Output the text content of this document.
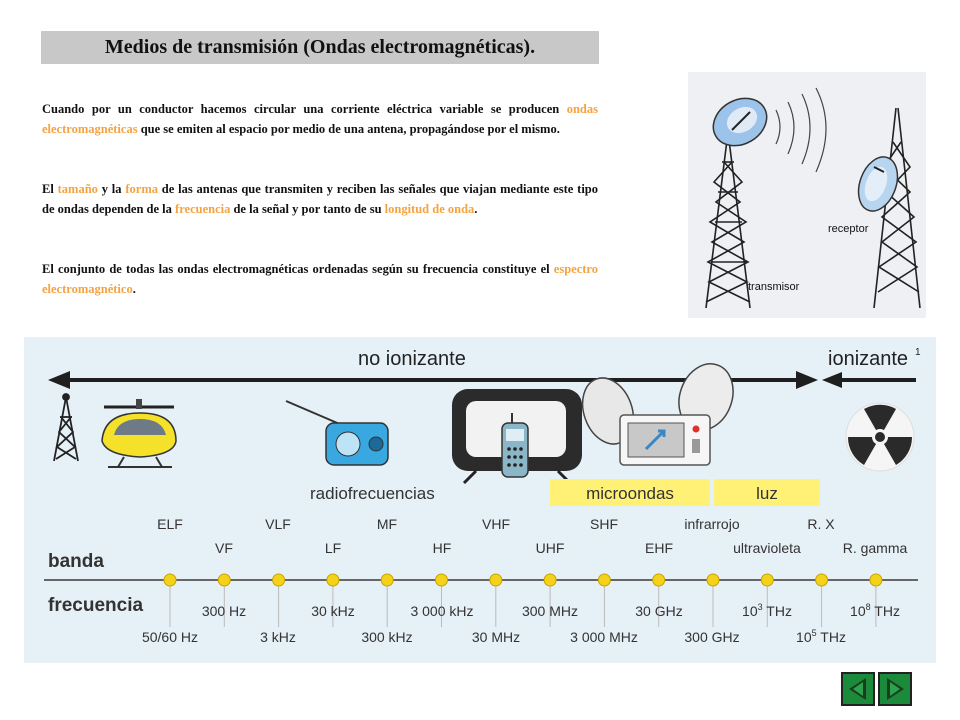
Medios de transmisión (Ondas electromagnéticas).

Cuando por un conductor hacemos circular una corriente eléctrica variable se producen ondas electromagnéticas que se emiten al espacio por medio de una antena, propagándose por el mismo.

El tamaño y la forma de las antenas que transmiten y reciben las señales que viajan mediante este tipo de ondas dependen de la frecuencia de la señal y por tanto de su longitud de onda.

El conjunto de todas las ondas electromagnéticas ordenadas según su frecuencia constituye el espectro electromagnético.	transmisor
receptor
no ionizante	ionizante 1
radiofrecuencias	microondas	luz
banda
frecuencia
ELF	VLF	MF	VHF	SHF	infrarrojo	R. X
VF	LF	HF	UHF	EHF	ultravioleta	R. gamma
300 Hz	30 kHz	3 000 kHz	300 MHz	30 GHz	$10^3$ THz	$10^8$ THz
50/60 Hz	3 kHz	300 kHz	30 MHz	3 000 MHz	300 GHz	$10^5$ THz
